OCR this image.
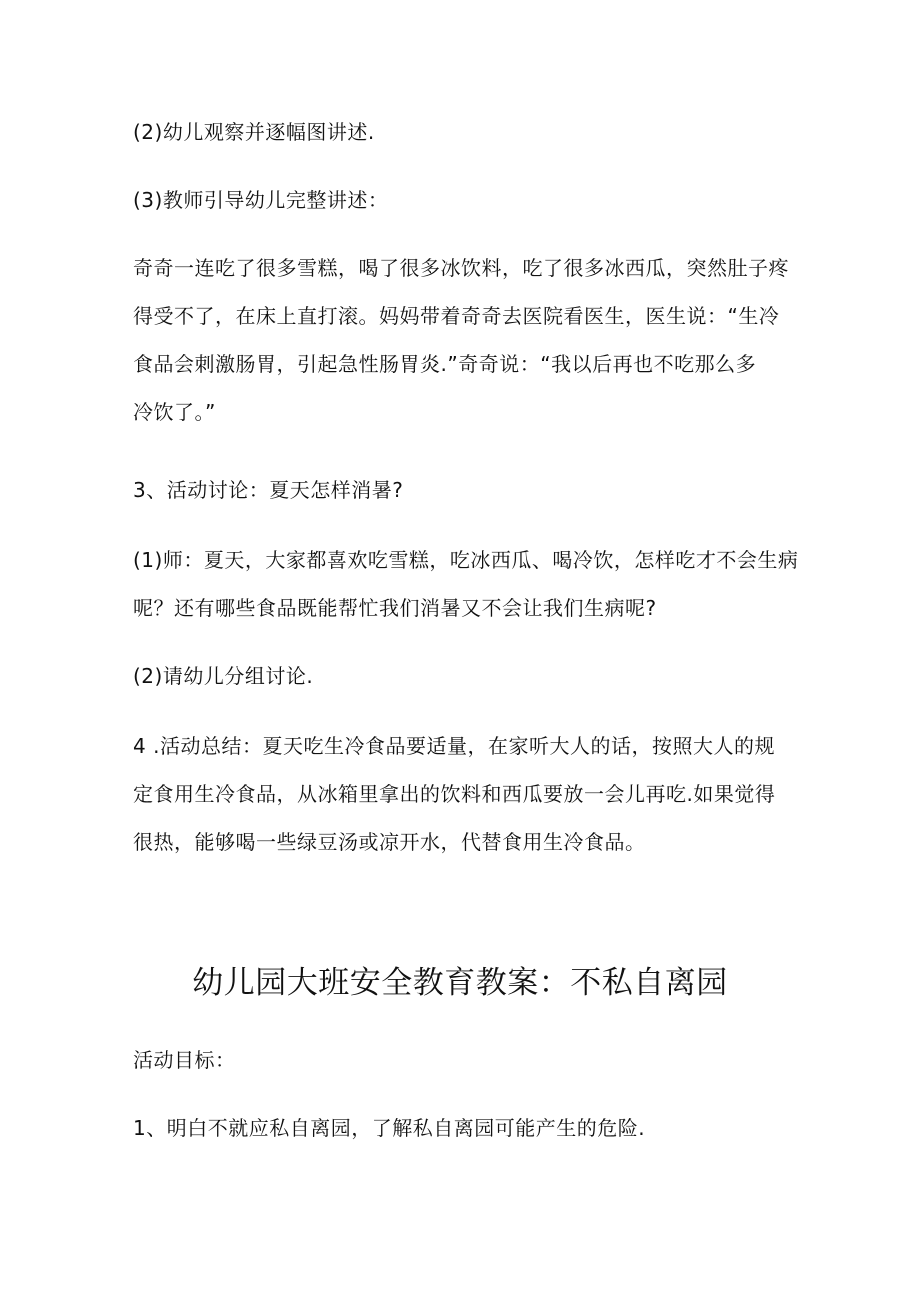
(2)幼儿观察并逐幅图讲述.

(3)教师引导幼儿完整讲述：

奇奇一连吃了很多雪糕，喝了很多冰饮料，吃了很多冰西瓜，突然肚子疼
得受不了，在床上直打滚。妈妈带着奇奇去医院看医生，医生说：“生冷
食品会刺激肠胃，引起急性肠胃炎.”奇奇说：“我以后再也不吃那么多
冷饮了。”

3、活动讨论：夏天怎样消暑?

(1)师：夏天，大家都喜欢吃雪糕，吃冰西瓜、喝冷饮，怎样吃才不会生病
呢？还有哪些食品既能帮忙我们消暑又不会让我们生病呢?

(2)请幼儿分组讨论.

4 .活动总结：夏天吃生冷食品要适量，在家听大人的话，按照大人的规
定食用生冷食品，从冰箱里拿出的饮料和西瓜要放一会儿再吃.如果觉得
很热，能够喝一些绿豆汤或凉开水，代替食用生冷食品。

幼儿园大班安全教育教案：不私自离园

活动目标：

1、明白不就应私自离园，了解私自离园可能产生的危险.
